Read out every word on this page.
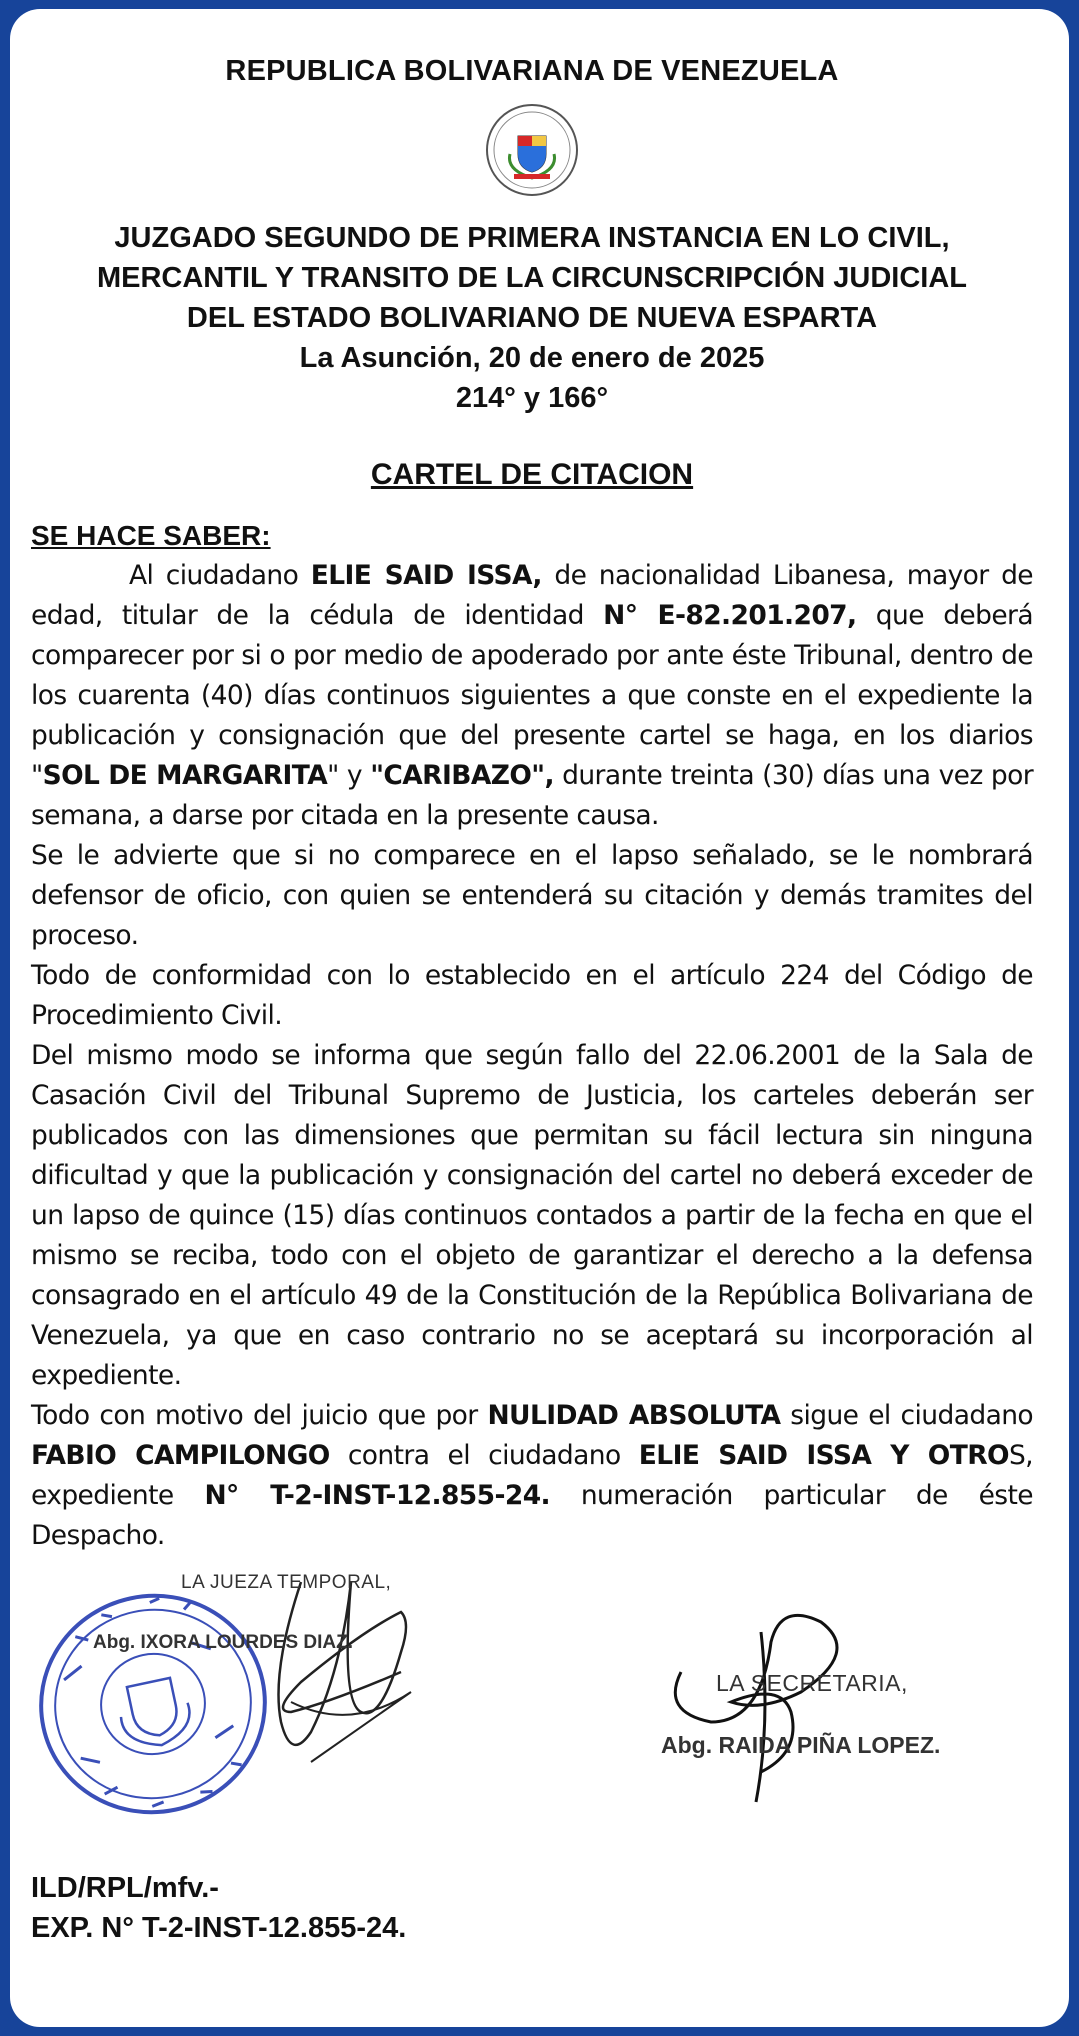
REPUBLICA BOLIVARIANA DE VENEZUELA
JUZGADO SEGUNDO DE PRIMERA INSTANCIA EN LO CIVIL,
MERCANTIL Y TRANSITO DE LA CIRCUNSCRIPCIÓN JUDICIAL
DEL ESTADO BOLIVARIANO DE NUEVA ESPARTA
La Asunción, 20 de enero de 2025
214° y 166°
CARTEL DE CITACION
SE HACE SABER:

Al ciudadano ELIE SAID ISSA, de nacionalidad Libanesa, mayor de edad, titular de la cédula de identidad N° E-82.201.207, que deberá comparecer por si o por medio de apoderado por ante éste Tribunal, dentro de los cuarenta (40) días continuos siguientes a que conste en el expediente la publicación y consignación que del presente cartel se haga, en los diarios "SOL DE MARGARITA" y "CARIBAZO", durante treinta (30) días una vez por semana, a darse por citada en la presente causa.

Se le advierte que si no comparece en el lapso señalado, se le nombrará defensor de oficio, con quien se entenderá su citación y demás tramites del proceso.

Todo de conformidad con lo establecido en el artículo 224 del Código de Procedimiento Civil.

Del mismo modo se informa que según fallo del 22.06.2001 de la Sala de Casación Civil del Tribunal Supremo de Justicia, los carteles deberán ser publicados con las dimensiones que permitan su fácil lectura sin ninguna dificultad y que la publicación y consignación del cartel no deberá exceder de un lapso de quince (15) días continuos contados a partir de la fecha en que el mismo se reciba, todo con el objeto de garantizar el derecho a la defensa consagrado en el artículo 49 de la Constitución de la República Bolivariana de Venezuela, ya que en caso contrario no se aceptará su incorporación al expediente.

Todo con motivo del juicio que por NULIDAD ABSOLUTA sigue el ciudadano FABIO CAMPILONGO contra el ciudadano ELIE SAID ISSA Y OTROS, expediente N° T-2-INST-12.855-24. numeración particular de éste Despacho.

LA JUEZA TEMPORAL,
Abg. IXORA LOURDES DIAZ.
LA SECRETARIA,
Abg. RAIDA PIÑA LOPEZ.
ILD/RPL/mfv.-
EXP. N° T-2-INST-12.855-24.
